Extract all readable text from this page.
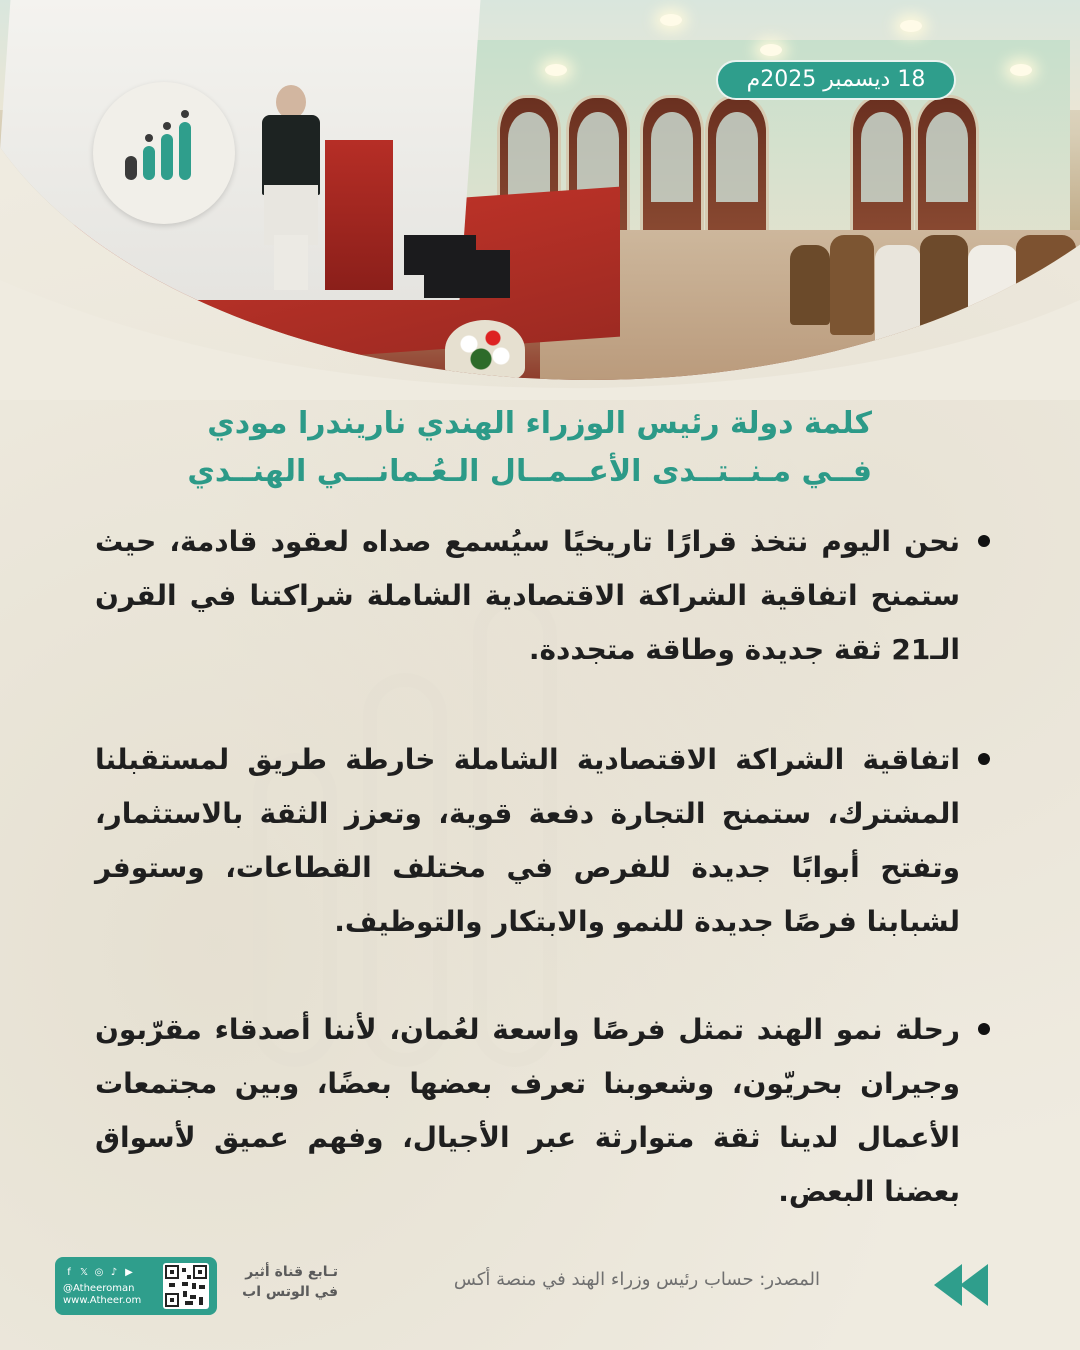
18 ديسمبر 2025م
كلمة دولة رئيس الوزراء الهندي ناريندرا مودي
فــي مـنــتــدى الأعــمــال الـعُـمانـــي الهنــدي

نحن اليوم نتخذ قرارًا تاريخيًا سيُسمع صداه لعقود قادمة، حيث ستمنح اتفاقية الشراكة الاقتصادية الشاملة شراكتنا في القرن الـ21 ثقة جديدة وطاقة متجددة.

اتفاقية الشراكة الاقتصادية الشاملة خارطة طريق لمستقبلنا المشترك، ستمنح التجارة دفعة قوية، وتعزز الثقة بالاستثمار، وتفتح أبوابًا جديدة للفرص في مختلف القطاعات، وستوفر لشبابنا فرصًا جديدة للنمو والابتكار والتوظيف.

رحلة نمو الهند تمثل فرصًا واسعة لعُمان، لأننا أصدقاء مقرّبون وجيران بحريّون، وشعوبنا تعرف بعضها بعضًا، وبين مجتمعات الأعمال لدينا ثقة متوارثة عبر الأجيال، وفهم عميق لأسواق بعضنا البعض.

f 𝕏 ◎ ♪ ▶
@Atheeroman
www.Atheer.om
تـابع قناة أثير
في الوتس اب
المصدر: حساب رئيس وزراء الهند في منصة أكس
